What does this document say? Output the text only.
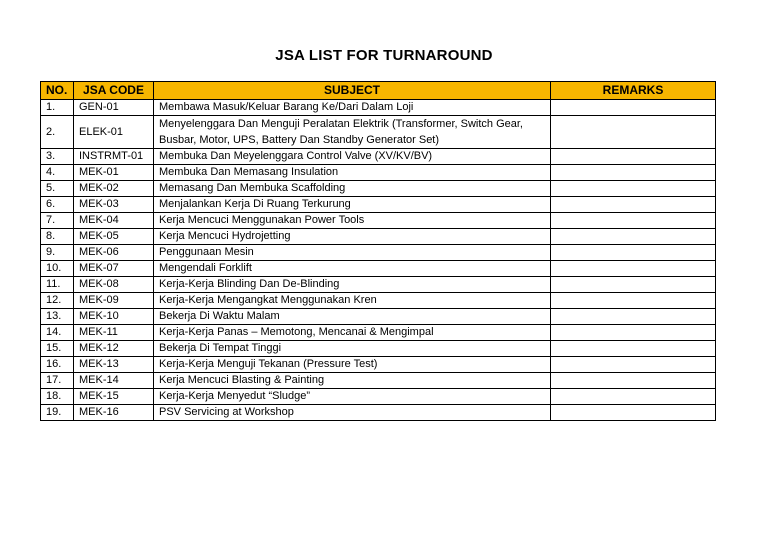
JSA LIST FOR TURNAROUND
NO.	JSA CODE	SUBJECT	REMARKS
1.	GEN-01	Membawa Masuk/Keluar Barang Ke/Dari Dalam Loji	
2.	ELEK-01	Menyelenggara Dan Menguji Peralatan Elektrik (Transformer, Switch Gear, Busbar, Motor, UPS, Battery Dan Standby Generator Set)	
3.	INSTRMT-01	Membuka Dan Meyelenggara Control Valve (XV/KV/BV)	
4.	MEK-01	Membuka Dan Memasang Insulation	
5.	MEK-02	Memasang Dan Membuka Scaffolding	
6.	MEK-03	Menjalankan Kerja Di Ruang Terkurung	
7.	MEK-04	Kerja Mencuci Menggunakan Power Tools	
8.	MEK-05	Kerja Mencuci Hydrojetting	
9.	MEK-06	Penggunaan Mesin	
10.	MEK-07	Mengendali Forklift	
11.	MEK-08	Kerja-Kerja Blinding Dan De-Blinding	
12.	MEK-09	Kerja-Kerja Mengangkat Menggunakan Kren	
13.	MEK-10	Bekerja Di Waktu Malam	
14.	MEK-11	Kerja-Kerja Panas – Memotong, Mencanai & Mengimpal	
15.	MEK-12	Bekerja Di Tempat Tinggi	
16.	MEK-13	Kerja-Kerja Menguji Tekanan (Pressure Test)	
17.	MEK-14	Kerja Mencuci Blasting & Painting	
18.	MEK-15	Kerja-Kerja Menyedut “Sludge”	
19.	MEK-16	PSV Servicing at Workshop	
